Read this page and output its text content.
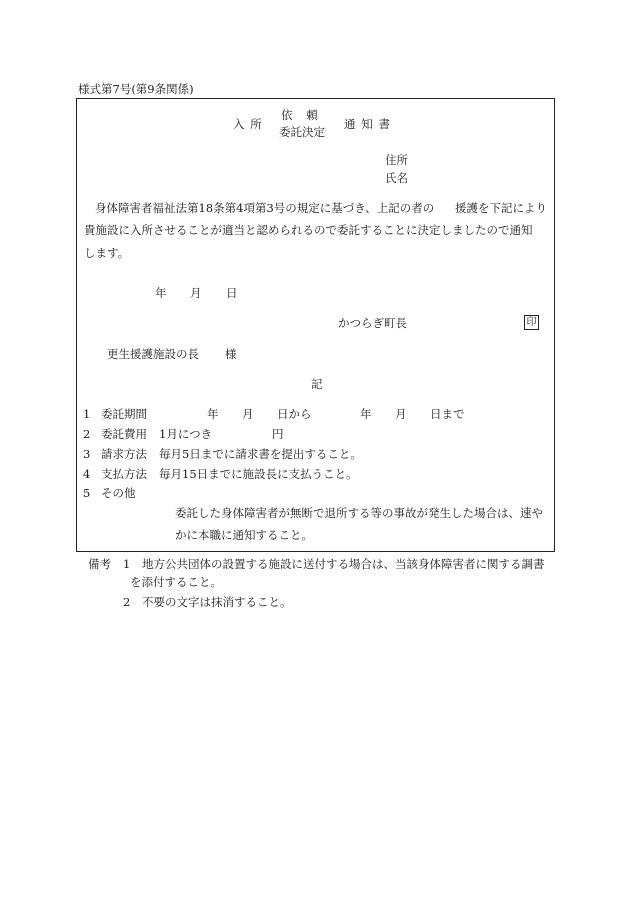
様式第7号(第9条関係)
入所
依頼
委託決定
通知書
住所
氏名
身体障害者福祉法第18条第4項第3号の規定に基づき、上記の者の 援護を下記により
貴施設に入所させることが適当と認められるので委託することに決定しましたので通知
します。
年 月 日
かつらぎ町長	印
更生援護施設の長 様
記
1 委託期間	年 月 日から	年 月 日まで
2 委託費用 1月につき	円
3 請求方法 毎月5日までに請求書を提出すること。
4 支払方法 毎月15日までに施設長に支払うこと。
5 その他
委託した身体障害者が無断で退所する等の事故が発生した場合は、速や
かに本職に通知すること。
備考 1 地方公共団体の設置する施設に送付する場合は、当該身体障害者に関する調書
を添付すること。
2 不要の文字は抹消すること。
